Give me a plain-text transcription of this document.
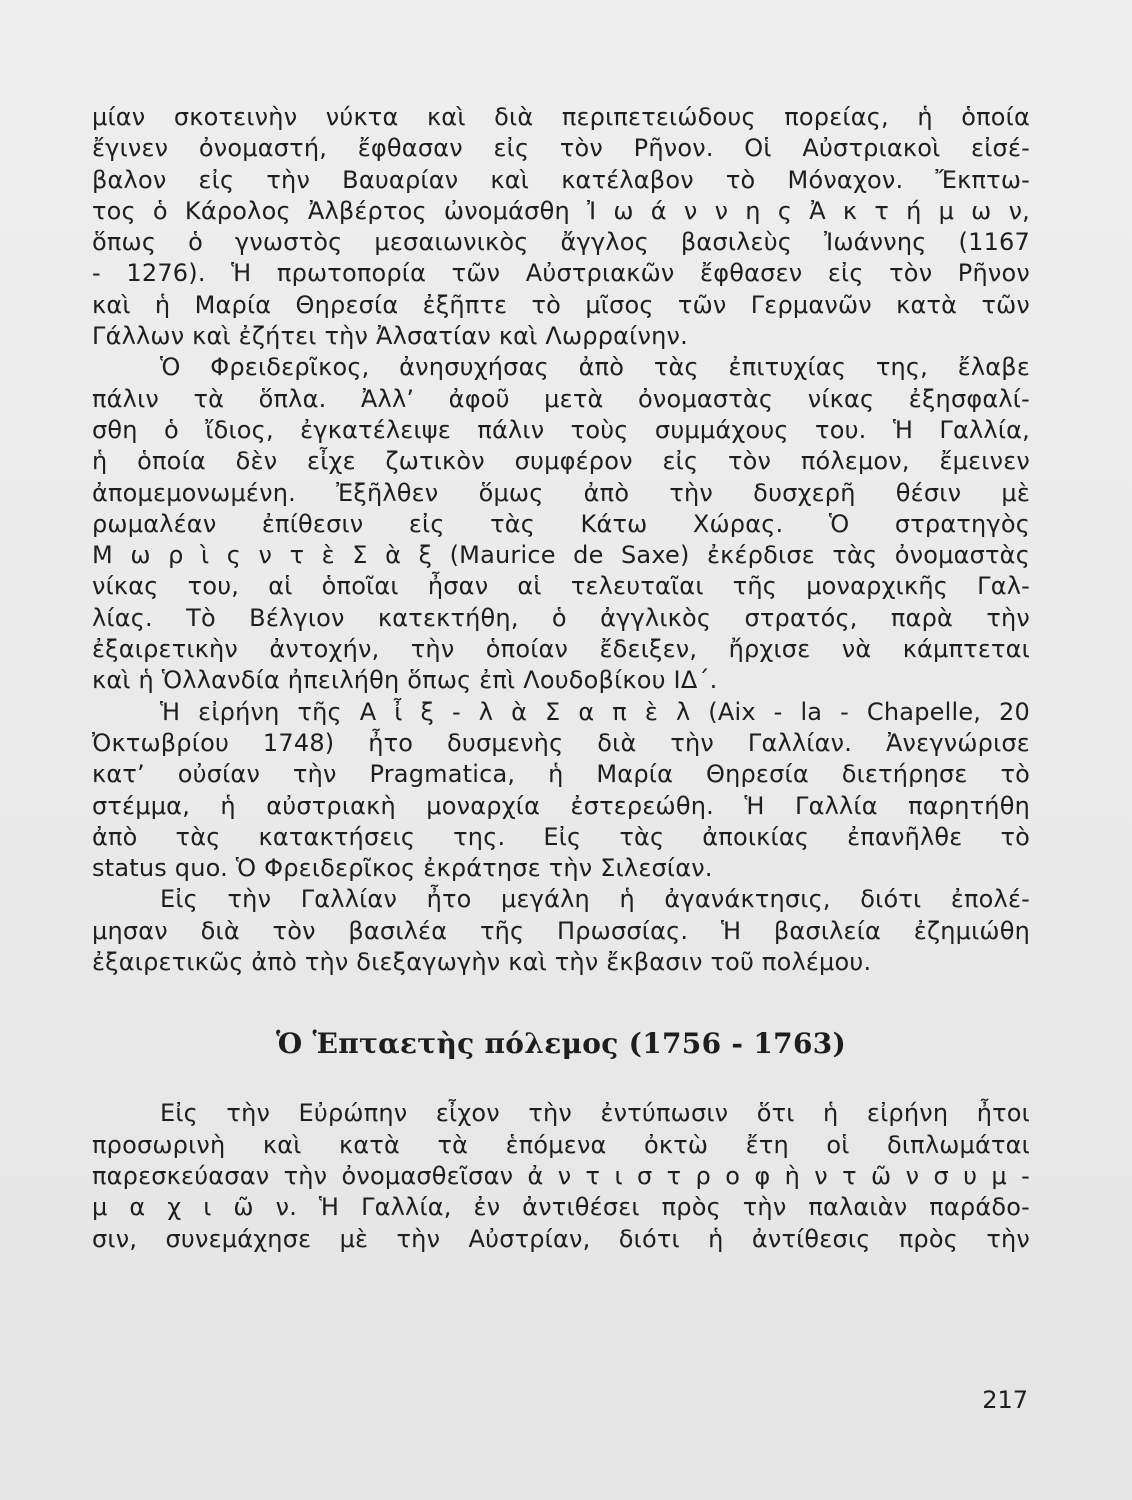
μίαν σκοτεινὴν νύκτα καὶ διὰ περιπετειώδους πορείας, ἡ ὁποία
ἔγινεν ὀνομαστή, ἔφθασαν εἰς τὸν Ρῆνον. Οἱ Αὐστριακοὶ εἰσέ-
βαλον εἰς τὴν Βαυαρίαν καὶ κατέλαβον τὸ Μόναχον. Ἔκπτω-
τος ὁ Κάρολος Ἀλβέρτος ὠνομάσθη Ἰ ω ά ν ν η ς Ἀ κ τ ή μ ω ν,
ὅπως ὁ γνωστὸς μεσαιωνικὸς ἄγγλος βασιλεὺς Ἰωάννης (1167
- 1276). Ἡ πρωτοπορία τῶν Αὐστριακῶν ἔφθασεν εἰς τὸν Ρῆνον
καὶ ἡ Μαρία Θηρεσία ἐξῆπτε τὸ μῖσος τῶν Γερμανῶν κατὰ τῶν
Γάλλων καὶ ἐζήτει τὴν Ἀλσατίαν καὶ Λωρραίνην.
Ὁ Φρειδερῖκος, ἀνησυχήσας ἀπὸ τὰς ἐπιτυχίας της, ἔλαβε
πάλιν τὰ ὅπλα. Ἀλλ’ ἀφοῦ μετὰ ὀνομαστὰς νίκας ἐξησφαλί-
σθη ὁ ἴδιος, ἐγκατέλειψε πάλιν τοὺς συμμάχους του. Ἡ Γαλλία,
ἡ ὁποία δὲν εἶχε ζωτικὸν συμφέρον εἰς τὸν πόλεμον, ἔμεινεν
ἀπομεμονωμένη. Ἐξῆλθεν ὅμως ἀπὸ τὴν δυσχερῆ θέσιν μὲ
ρωμαλέαν ἐπίθεσιν εἰς τὰς Κάτω Χώρας. Ὁ στρατηγὸς
Μ ω ρ ὶ ς ν τ ὲ Σ ὰ ξ (Maurice de Saxe) ἐκέρδισε τὰς ὀνομαστὰς
νίκας του, αἱ ὁποῖαι ἦσαν αἱ τελευταῖαι τῆς μοναρχικῆς Γαλ-
λίας. Τὸ Βέλγιον κατεκτήθη, ὁ ἀγγλικὸς στρατός, παρὰ τὴν
ἐξαιρετικὴν ἀντοχήν, τὴν ὁποίαν ἔδειξεν, ἤρχισε νὰ κάμπτεται
καὶ ἡ Ὁλλανδία ἠπειλήθη ὅπως ἐπὶ Λουδοβίκου ΙΔ΄.
Ἡ εἰρήνη τῆς Α ἶ ξ - λ ὰ Σ α π ὲ λ (Aix - la - Chapelle, 20
Ὀκτωβρίου 1748) ἦτο δυσμενὴς διὰ τὴν Γαλλίαν. Ἀνεγνώρισε
κατ’ οὐσίαν τὴν Pragmatica, ἡ Μαρία Θηρεσία διετήρησε τὸ
στέμμα, ἡ αὐστριακὴ μοναρχία ἐστερεώθη. Ἡ Γαλλία παρητήθη
ἀπὸ τὰς κατακτήσεις της. Εἰς τὰς ἀποικίας ἐπανῆλθε τὸ
status quo. Ὁ Φρειδερῖκος ἐκράτησε τὴν Σιλεσίαν.
Εἰς τὴν Γαλλίαν ἦτο μεγάλη ἡ ἀγανάκτησις, διότι ἐπολέ-
μησαν διὰ τὸν βασιλέα τῆς Πρωσσίας. Ἡ βασιλεία ἐζημιώθη
ἐξαιρετικῶς ἀπὸ τὴν διεξαγωγὴν καὶ τὴν ἔκβασιν τοῦ πολέμου.
Ὁ Ἑπταετὴς πόλεμος (1756 - 1763)
Εἰς τὴν Εὐρώπην εἶχον τὴν ἐντύπωσιν ὅτι ἡ εἰρήνη ἦτοι
προσωρινὴ καὶ κατὰ τὰ ἑπόμενα ὀκτὼ ἔτη οἱ διπλωμάται
παρεσκεύασαν τὴν ὀνομασθεῖσαν ἀ ν τ ι σ τ ρ ο φ ὴ ν τ ῶ ν σ υ μ -
μ α χ ι ῶ ν. Ἡ Γαλλία, ἐν ἀντιθέσει πρὸς τὴν παλαιὰν παράδο-
σιν, συνεμάχησε μὲ τὴν Αὐστρίαν, διότι ἡ ἀντίθεσις πρὸς τὴν
217
